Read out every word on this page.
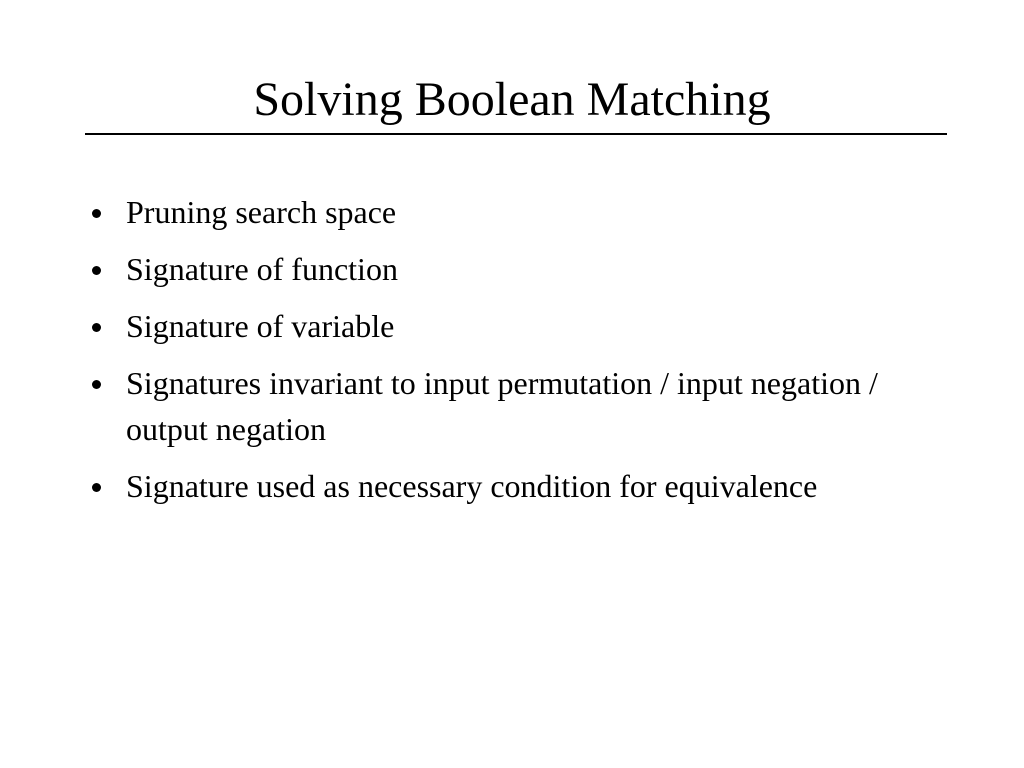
Solving Boolean Matching
Pruning search space
Signature of function
Signature of variable
Signatures invariant to input permutation / input negation / output negation
Signature used as necessary condition for equivalence
